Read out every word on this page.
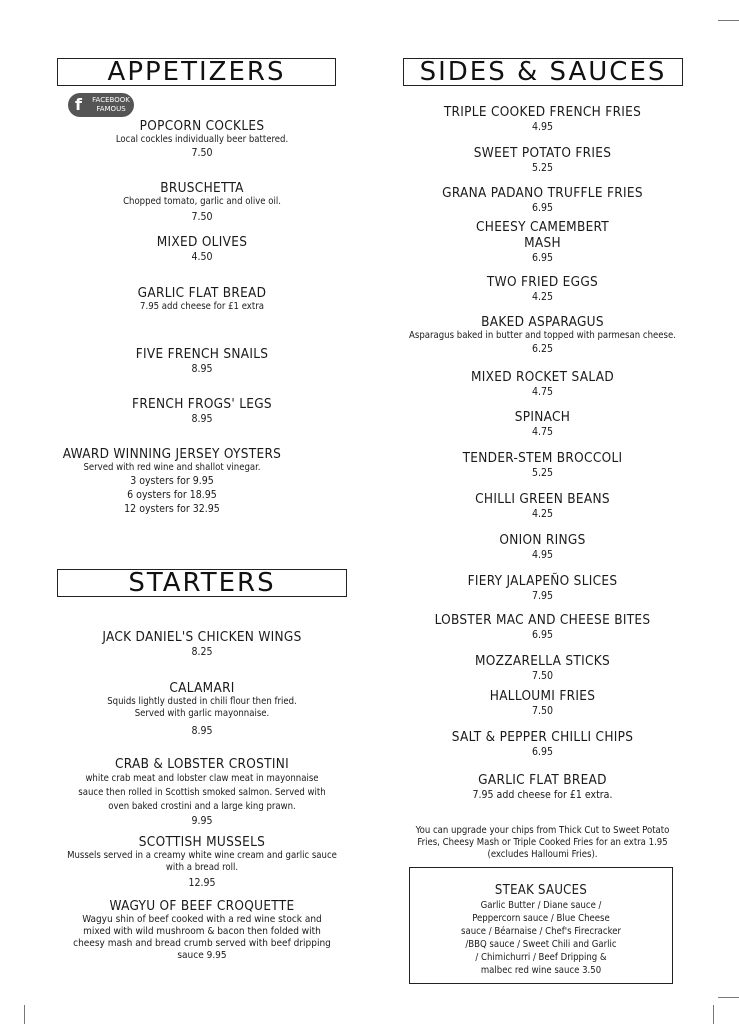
APPETIZERS
f	FACEBOOK
FAMOUS
POPCORN COCKLES
Local cockles individually beer battered.
7.50
BRUSCHETTA
Chopped tomato, garlic and olive oil.
7.50
MIXED OLIVES
4.50
GARLIC FLAT BREAD
7.95 add cheese for £1 extra
FIVE FRENCH SNAILS
8.95
FRENCH FROGS' LEGS
8.95
AWARD WINNING JERSEY OYSTERS
Served with red wine and shallot vinegar.
3 oysters for 9.95
6 oysters for 18.95
12 oysters for 32.95
STARTERS
JACK DANIEL'S CHICKEN WINGS
8.25
CALAMARI
Squids lightly dusted in chili flour then fried.
Served with garlic mayonnaise.
8.95
CRAB & LOBSTER CROSTINI
white crab meat and lobster claw meat in mayonnaise
sauce then rolled in Scottish smoked salmon. Served with
oven baked crostini and a large king prawn.
9.95
SCOTTISH MUSSELS
Mussels served in a creamy white wine cream and garlic sauce
with a bread roll.
12.95
WAGYU OF BEEF CROQUETTE
Wagyu shin of beef cooked with a red wine stock and
mixed with wild mushroom & bacon then folded with
cheesy mash and bread crumb served with beef dripping
sauce 9.95
SIDES & SAUCES
TRIPLE COOKED FRENCH FRIES
4.95
SWEET POTATO FRIES
5.25
GRANA PADANO TRUFFLE FRIES
6.95
CHEESY CAMEMBERT
MASH
6.95
TWO FRIED EGGS
4.25
BAKED ASPARAGUS
Asparagus baked in butter and topped with parmesan cheese.
6.25
MIXED ROCKET SALAD
4.75
SPINACH
4.75
TENDER-STEM BROCCOLI
5.25
CHILLI GREEN BEANS
4.25
ONION RINGS
4.95
FIERY JALAPEÑO SLICES
7.95
LOBSTER MAC AND CHEESE BITES
6.95
MOZZARELLA STICKS
7.50
HALLOUMI FRIES
7.50
SALT & PEPPER CHILLI CHIPS
6.95
GARLIC FLAT BREAD
7.95 add cheese for £1 extra.
You can upgrade your chips from Thick Cut to Sweet Potato
Fries, Cheesy Mash or Triple Cooked Fries for an extra 1.95
(excludes Halloumi Fries).
STEAK SAUCES
Garlic Butter / Diane sauce /
Peppercorn sauce / Blue Cheese
sauce / Béarnaise / Chef's Firecracker
/BBQ sauce / Sweet Chili and Garlic
/ Chimichurri / Beef Dripping &
malbec red wine sauce 3.50
